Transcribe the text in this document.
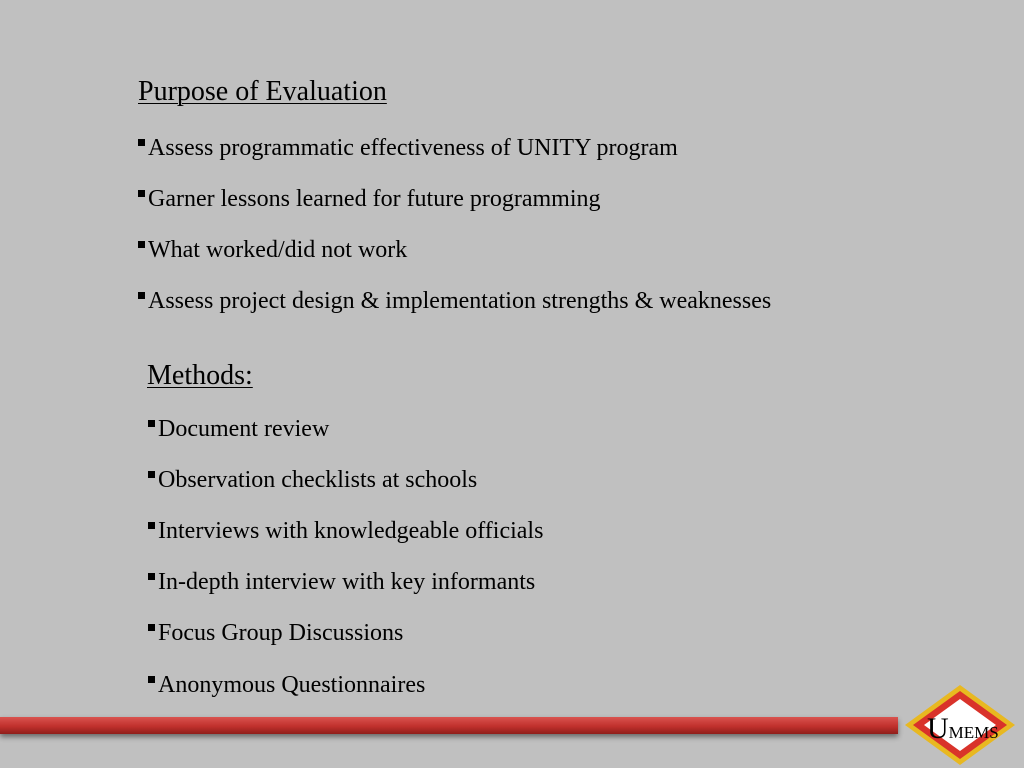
Purpose of Evaluation
Assess programmatic effectiveness of UNITY program
Garner lessons learned for future programming
What worked/did not work
Assess project design & implementation strengths & weaknesses
Methods:
Document review
Observation checklists at schools
Interviews with knowledgeable officials
In-depth interview with key informants
Focus Group Discussions
Anonymous Questionnaires
UMEMS
